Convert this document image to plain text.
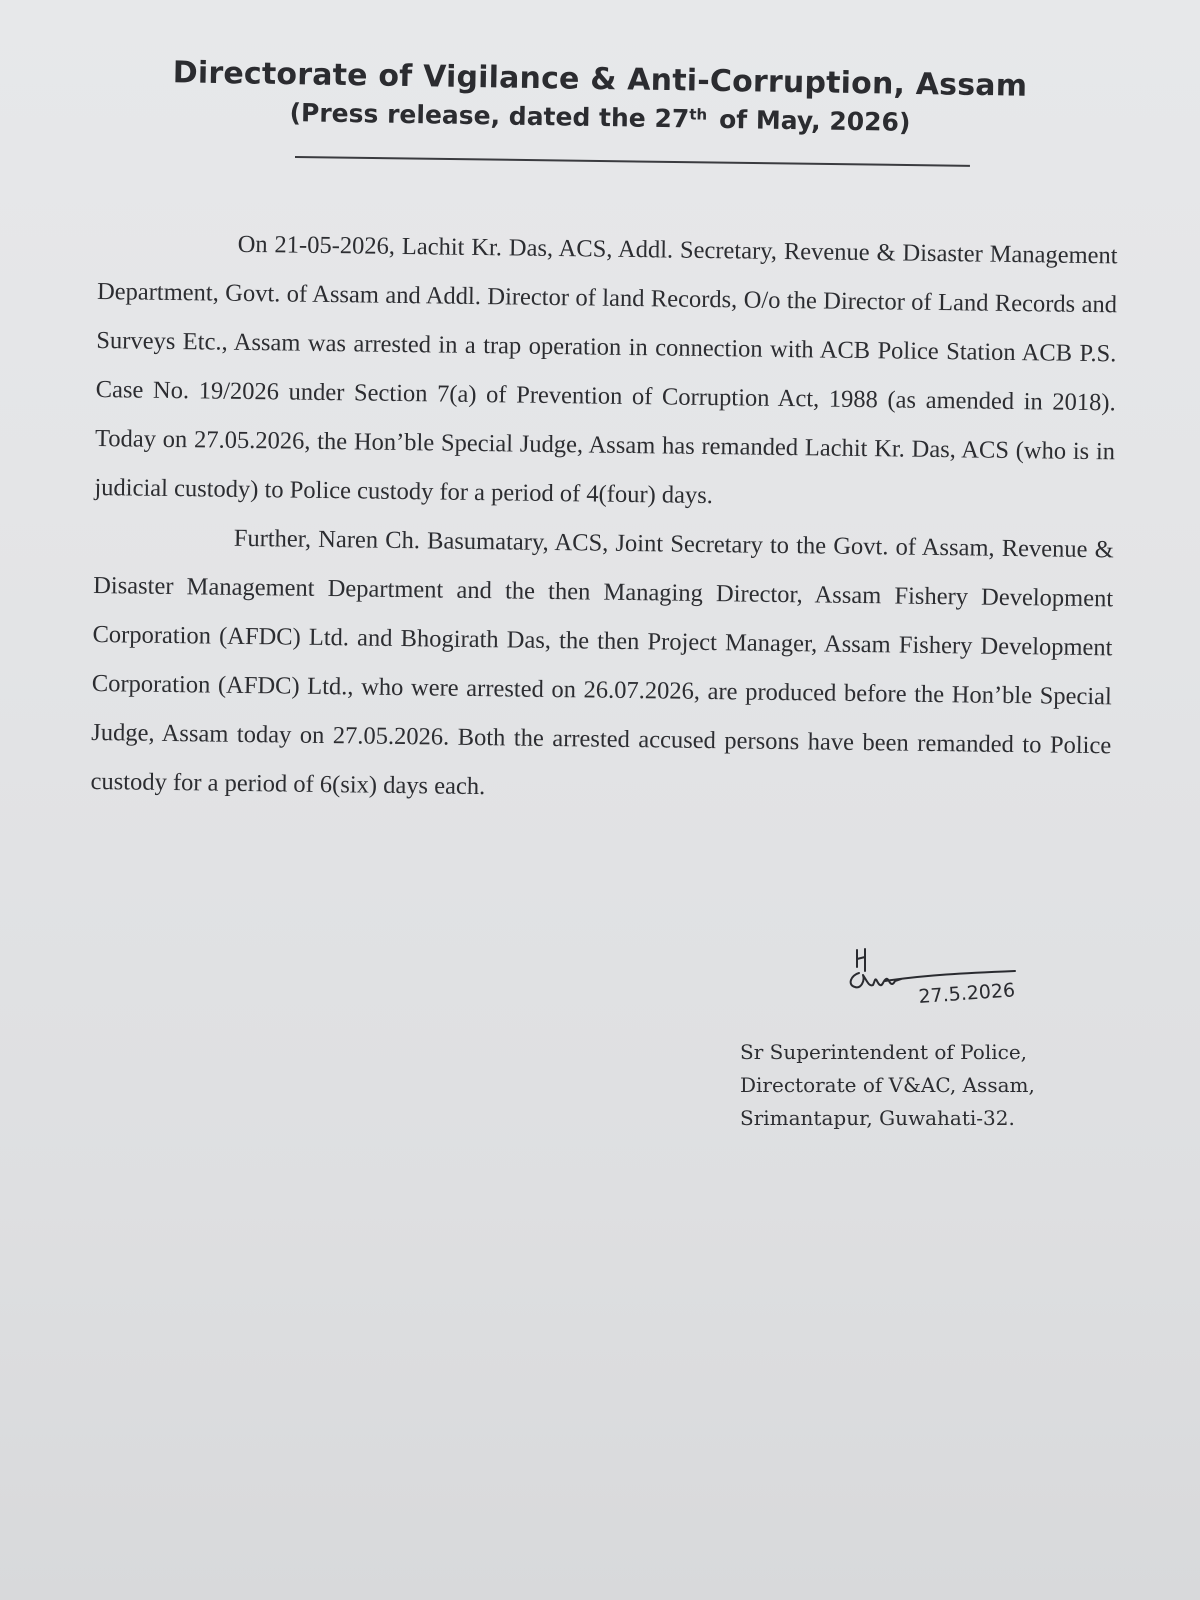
Directorate of Vigilance & Anti-Corruption, Assam
(Press release, dated the 27th of May, 2026)

On 21-05-2026, Lachit Kr. Das, ACS, Addl. Secretary, Revenue & Disaster Management Department, Govt. of Assam and Addl. Director of land Records, O/o the Director of Land Records and Surveys Etc., Assam was arrested in a trap operation in connection with ACB Police Station ACB P.S. Case No. 19/2026 under Section 7(a) of Prevention of Corruption Act, 1988 (as amended in 2018). Today on 27.05.2026, the Hon’ble Special Judge, Assam has remanded Lachit Kr. Das, ACS (who is in judicial custody) to Police custody for a period of 4(four) days.

Further, Naren Ch. Basumatary, ACS, Joint Secretary to the Govt. of Assam, Revenue & Disaster Management Department and the then Managing Director, Assam Fishery Development Corporation (AFDC) Ltd. and Bhogirath Das, the then Project Manager, Assam Fishery Development Corporation (AFDC) Ltd., who were arrested on 26.07.2026, are produced before the Hon’ble Special Judge, Assam today on 27.05.2026. Both the arrested accused persons have been remanded to Police custody for a period of 6(six) days each.

27.5.2026
Sr Superintendent of Police,
Directorate of V&AC, Assam,
Srimantapur, Guwahati-32.
